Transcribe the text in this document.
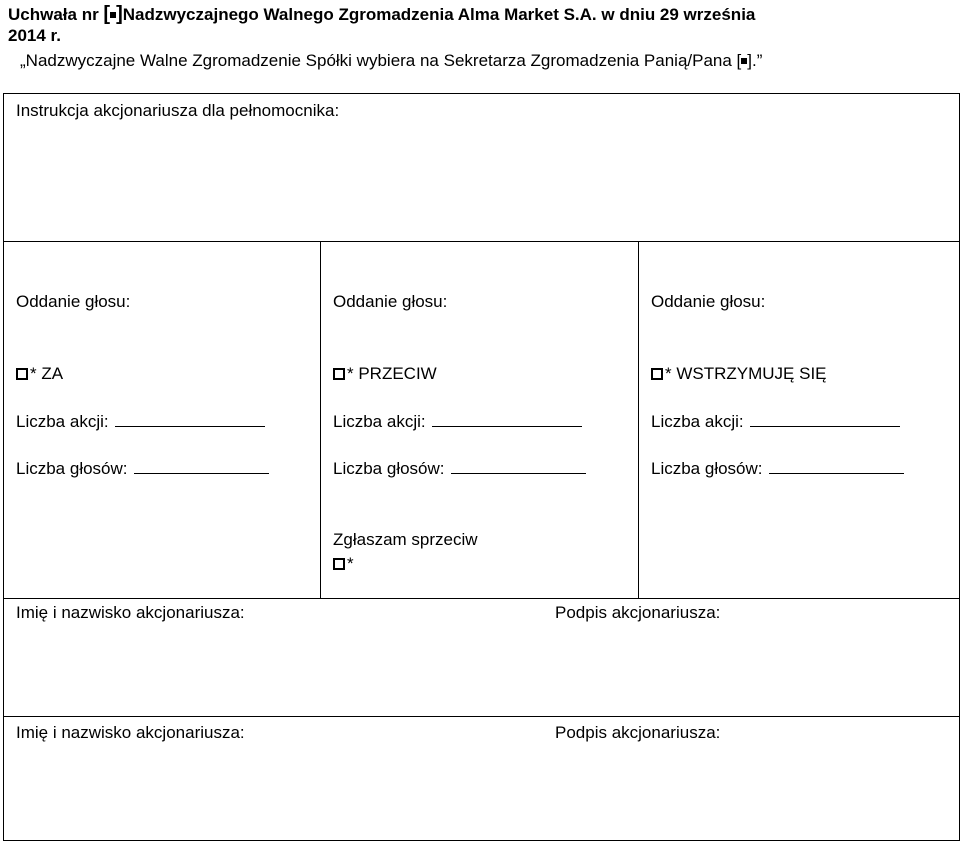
Uchwała nr [ ]Nadzwyczajnego Walnego Zgromadzenia Alma Market S.A. w dniu 29 września
2014 r.
„Nadzwyczajne Walne Zgromadzenie Spółki wybiera na Sekretarza Zgromadzenia Panią/Pana [ ].”
Instrukcja akcjonariusza dla pełnomocnika:
Oddanie głosu:
* ZA
Liczba akcji:
Liczba głosów:
Oddanie głosu:
* PRZECIW
Liczba akcji:
Liczba głosów:
Oddanie głosu:
* WSTRZYMUJĘ SIĘ
Liczba akcji:
Liczba głosów:
Zgłaszam sprzeciw
*
Imię i nazwisko akcjonariusza:	Podpis akcjonariusza:
Imię i nazwisko akcjonariusza:	Podpis akcjonariusza:
